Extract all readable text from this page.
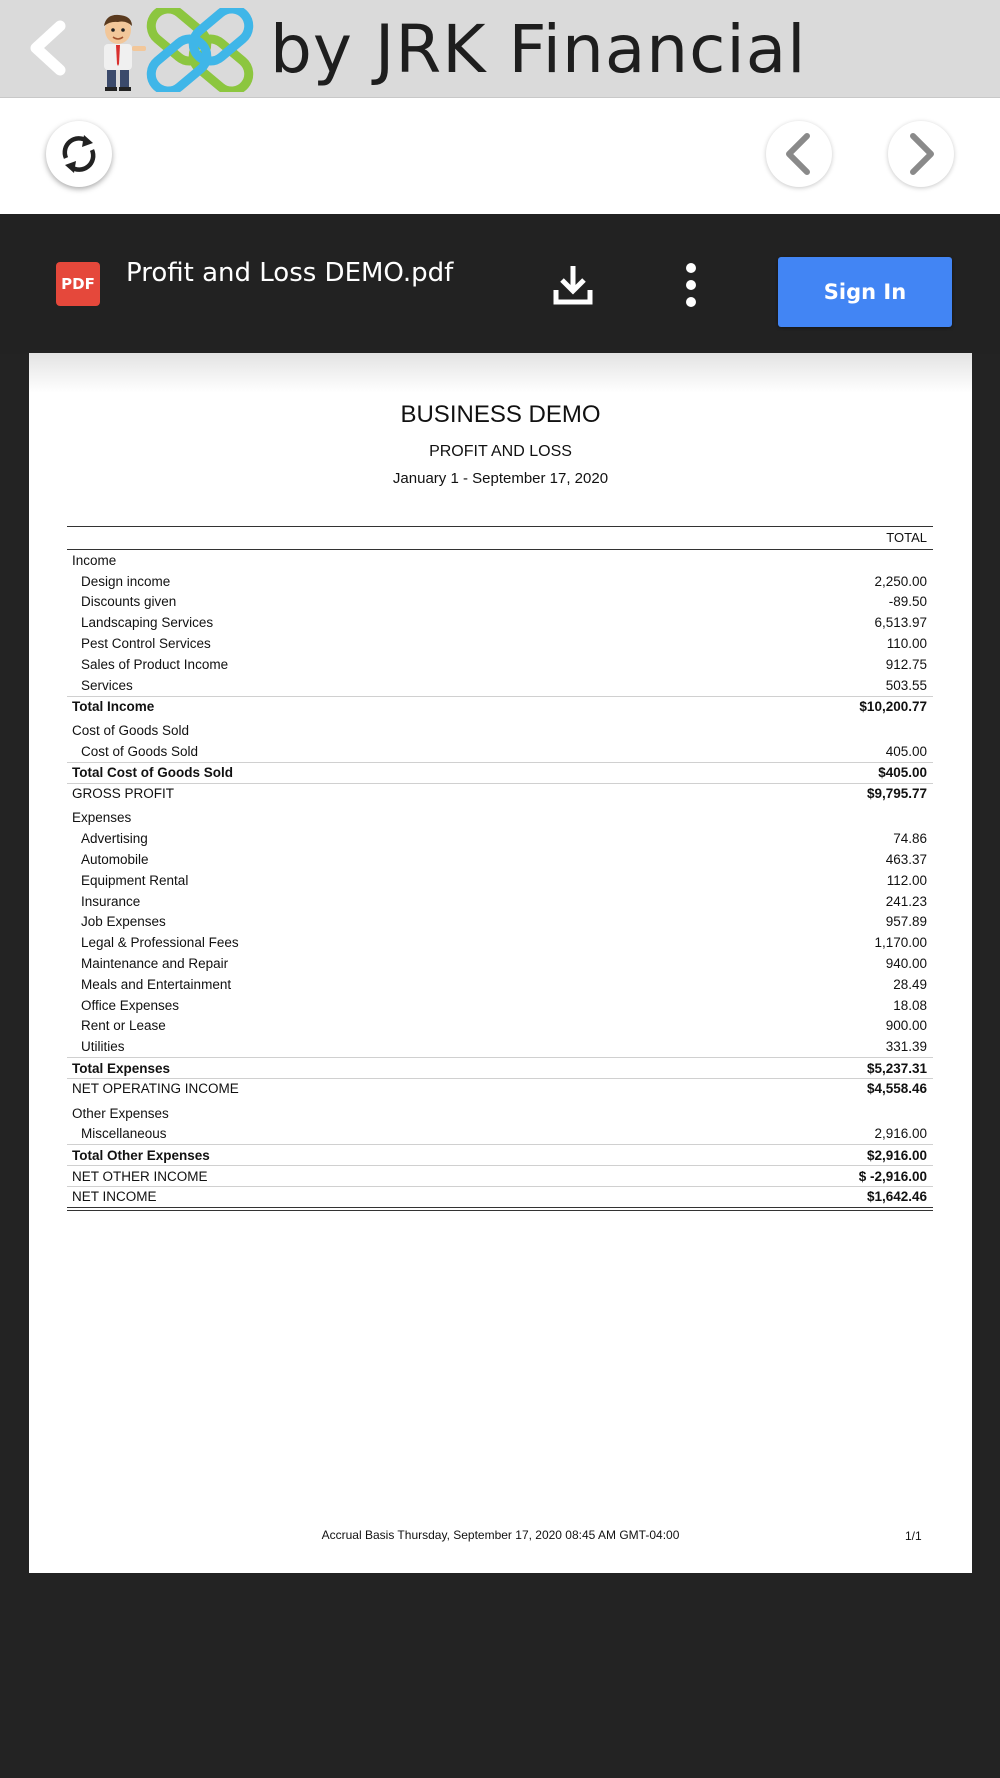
by JRK Financial
PDF Profit and Loss DEMO.pdf
Sign In
BUSINESS DEMO
PROFIT AND LOSS
January 1 - September 17, 2020
TOTAL
Income
Design income	2,250.00
Discounts given	-89.50
Landscaping Services	6,513.97
Pest Control Services	110.00
Sales of Product Income	912.75
Services	503.55
Total Income	$10,200.77
Cost of Goods Sold
Cost of Goods Sold	405.00
Total Cost of Goods Sold	$405.00
GROSS PROFIT	$9,795.77
Expenses
Advertising	74.86
Automobile	463.37
Equipment Rental	112.00
Insurance	241.23
Job Expenses	957.89
Legal & Professional Fees	1,170.00
Maintenance and Repair	940.00
Meals and Entertainment	28.49
Office Expenses	18.08
Rent or Lease	900.00
Utilities	331.39
Total Expenses	$5,237.31
NET OPERATING INCOME	$4,558.46
Other Expenses
Miscellaneous	2,916.00
Total Other Expenses	$2,916.00
NET OTHER INCOME	$ -2,916.00
NET INCOME	$1,642.46
Accrual Basis Thursday, September 17, 2020 08:45 AM GMT-04:00	1/1
